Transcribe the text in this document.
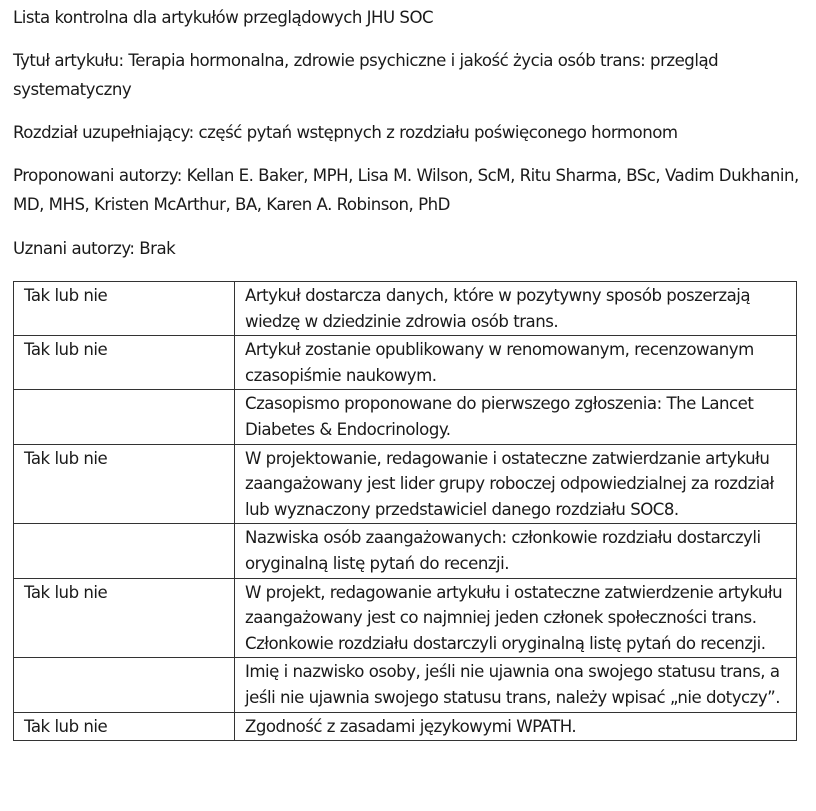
Lista kontrolna dla artykułów przeglądowych JHU SOC

Tytuł artykułu: Terapia hormonalna, zdrowie psychiczne i jakość życia osób trans: przegląd systematyczny

Rozdział uzupełniający: część pytań wstępnych z rozdziału poświęconego hormonom

Proponowani autorzy: Kellan E. Baker, MPH, Lisa M. Wilson, ScM, Ritu Sharma, BSc, Vadim Dukhanin, MD, MHS, Kristen McArthur, BA, Karen A. Robinson, PhD

Uznani autorzy: Brak

Tak lub nie	Artykuł dostarcza danych, które w pozytywny sposób poszerzają wiedzę w dziedzinie zdrowia osób trans.
Tak lub nie	Artykuł zostanie opublikowany w renomowanym, recenzowanym czasopiśmie naukowym.
	Czasopismo proponowane do pierwszego zgłoszenia: The Lancet Diabetes & Endocrinology.
Tak lub nie	W projektowanie, redagowanie i ostateczne zatwierdzanie artykułu zaangażowany jest lider grupy roboczej odpowiedzialnej za rozdział lub wyznaczony przedstawiciel danego rozdziału SOC8.
	Nazwiska osób zaangażowanych: członkowie rozdziału dostarczyli oryginalną listę pytań do recenzji.
Tak lub nie	W projekt, redagowanie artykułu i ostateczne zatwierdzenie artykułu zaangażowany jest co najmniej jeden członek społeczności trans. Członkowie rozdziału dostarczyli oryginalną listę pytań do recenzji.
	Imię i nazwisko osoby, jeśli nie ujawnia ona swojego statusu trans, a jeśli nie ujawnia swojego statusu trans, należy wpisać „nie dotyczy”.
Tak lub nie	Zgodność z zasadami językowymi WPATH.
